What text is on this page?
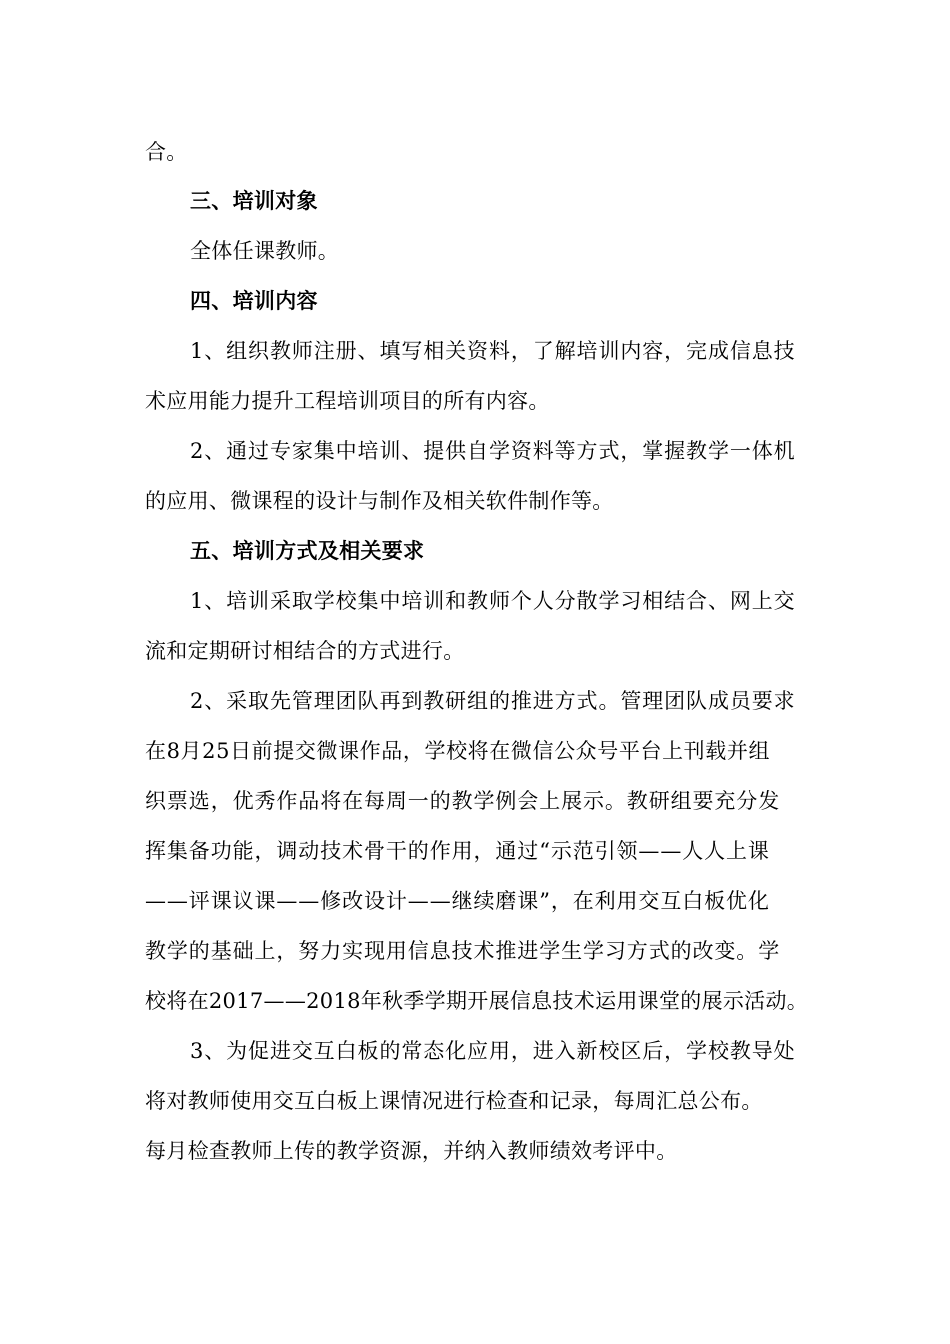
合。
三、培训对象
全体任课教师。
四、培训内容
1、组织教师注册、填写相关资料，了解培训内容，完成信息技
术应用能力提升工程培训项目的所有内容。
2、通过专家集中培训、提供自学资料等方式，掌握教学一体机
的应用、微课程的设计与制作及相关软件制作等。
五、培训方式及相关要求
1、培训采取学校集中培训和教师个人分散学习相结合、网上交
流和定期研讨相结合的方式进行。
2、采取先管理团队再到教研组的推进方式。管理团队成员要求
在8月25日前提交微课作品，学校将在微信公众号平台上刊载并组
织票选，优秀作品将在每周一的教学例会上展示。教研组要充分发
挥集备功能，调动技术骨干的作用，通过“示范引领——人人上课
——评课议课——修改设计——继续磨课”，在利用交互白板优化
教学的基础上，努力实现用信息技术推进学生学习方式的改变。学
校将在2017——2018年秋季学期开展信息技术运用课堂的展示活动。
3、为促进交互白板的常态化应用，进入新校区后，学校教导处
将对教师使用交互白板上课情况进行检查和记录，每周汇总公布。
每月检查教师上传的教学资源，并纳入教师绩效考评中。
